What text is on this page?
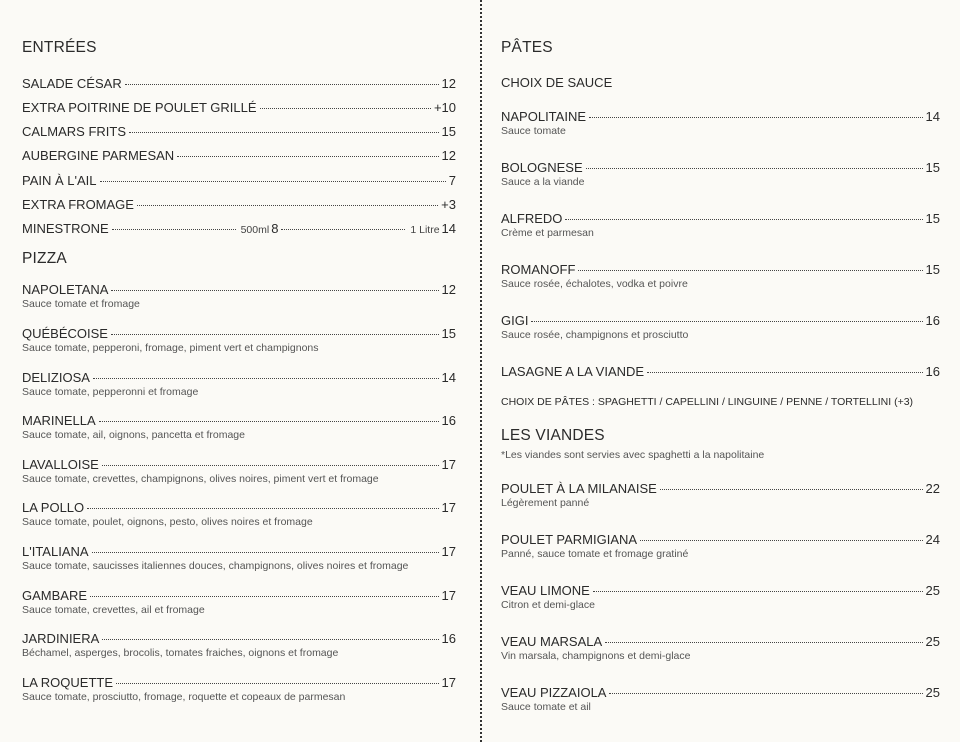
ENTRÉES
SALADE CÉSAR	12
EXTRA POITRINE DE POULET GRILLÉ	+10
CALMARS FRITS	15
AUBERGINE PARMESAN	12
PAIN À L'AIL	7
EXTRA FROMAGE	+3
MINESTRONE	500ml 8	1 Litre 14
PIZZA
NAPOLETANA	12
Sauce tomate et fromage
QUÉBÉCOISE	15
Sauce tomate, pepperoni, fromage, piment vert et champignons
DELIZIOSA	14
Sauce tomate, pepperonni et fromage
MARINELLA	16
Sauce tomate, ail, oignons, pancetta et fromage
LAVALLOISE	17
Sauce tomate, crevettes, champignons, olives noires, piment vert et fromage
LA POLLO	17
Sauce tomate, poulet, oignons, pesto, olives noires et fromage
L'ITALIANA	17
Sauce tomate, saucisses italiennes douces, champignons, olives noires et fromage
GAMBARE	17
Sauce tomate, crevettes, ail et fromage
JARDINIERA	16
Béchamel, asperges, brocolis, tomates fraiches, oignons et fromage
LA ROQUETTE	17
Sauce tomate, prosciutto, fromage, roquette et copeaux de parmesan
PÂTES
CHOIX DE SAUCE
NAPOLITAINE	14
Sauce tomate
BOLOGNESE	15
Sauce a la viande
ALFREDO	15
Crème et parmesan
ROMANOFF	15
Sauce rosée, échalotes, vodka et poivre
GIGI	16
Sauce rosée, champignons et prosciutto
LASAGNE A LA VIANDE	16
CHOIX DE PÂTES : SPAGHETTI / CAPELLINI / LINGUINE / PENNE / TORTELLINI (+3)
LES VIANDES
*Les viandes sont servies avec spaghetti a la napolitaine
POULET À LA MILANAISE	22
Légèrement panné
POULET PARMIGIANA	24
Panné, sauce tomate et fromage gratiné
VEAU LIMONE	25
Citron et demi-glace
VEAU MARSALA	25
Vin marsala, champignons et demi-glace
VEAU PIZZAIOLA	25
Sauce tomate et ail
